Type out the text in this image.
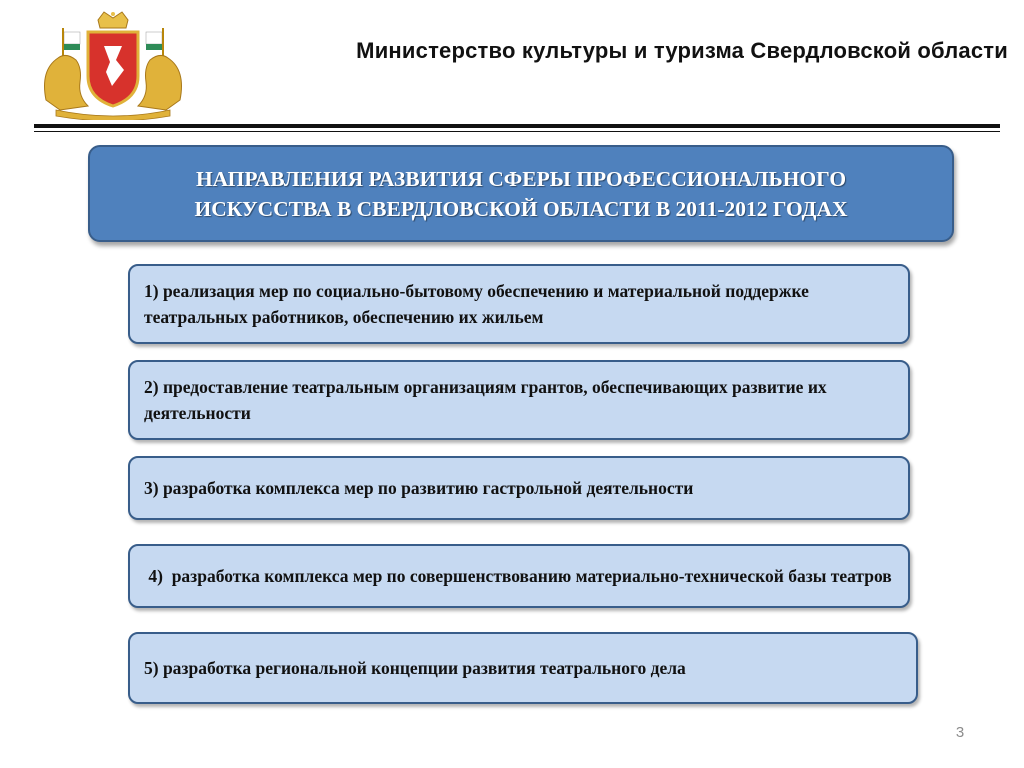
Министерство культуры и туризма Свердловской области
НАПРАВЛЕНИЯ РАЗВИТИЯ СФЕРЫ ПРОФЕССИОНАЛЬНОГО
ИСКУССТВА В СВЕРДЛОВСКОЙ ОБЛАСТИ В 2011-2012 ГОДАХ
1) реализация мер по социально-бытовому обеспечению и материальной поддержке театральных работников, обеспечению их жильем
2) предоставление театральным организациям грантов, обеспечивающих развитие их деятельности
3) разработка комплекса мер по развитию гастрольной деятельности
4)  разработка комплекса мер по совершенствованию материально-технической базы театров
5) разработка региональной концепции развития театрального дела
3
